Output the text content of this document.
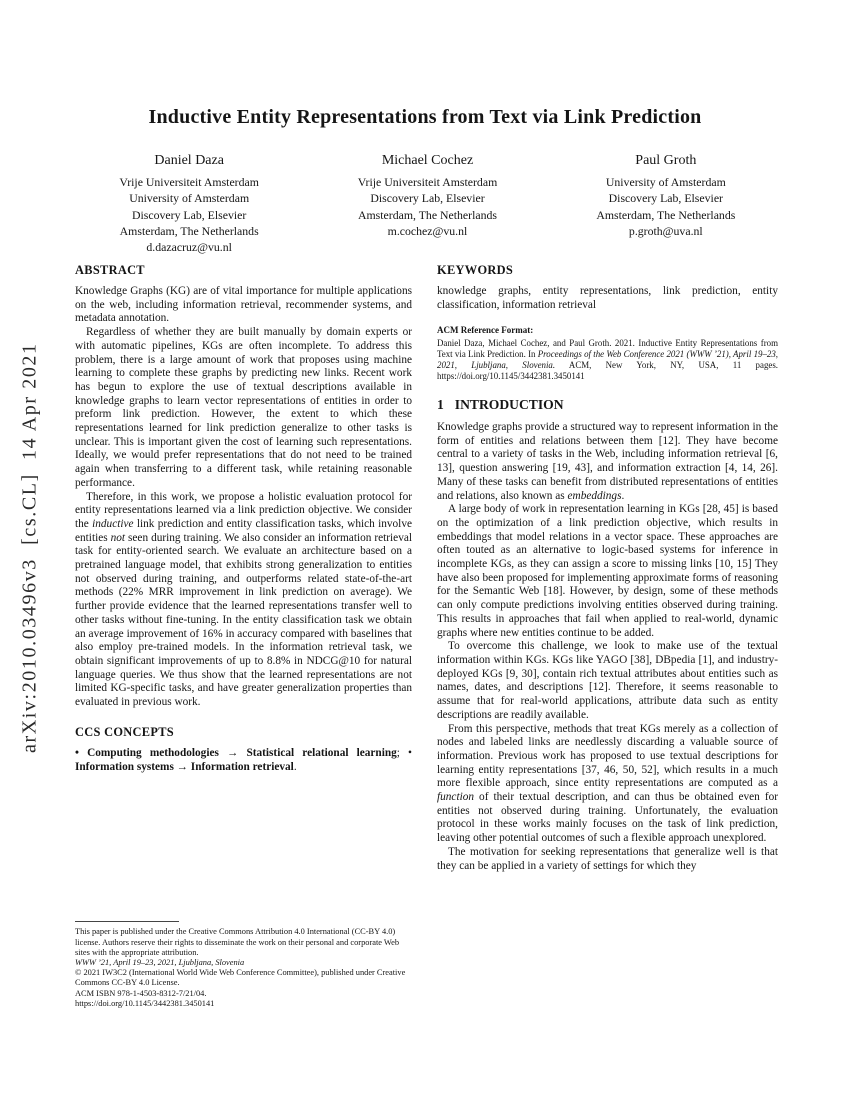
arXiv:2010.03496v3  [cs.CL]  14 Apr 2021
Inductive Entity Representations from Text via Link Prediction
Daniel Daza
Vrije Universiteit Amsterdam
University of Amsterdam
Discovery Lab, Elsevier
Amsterdam, The Netherlands
d.dazacruz@vu.nl
Michael Cochez
Vrije Universiteit Amsterdam
Discovery Lab, Elsevier
Amsterdam, The Netherlands
m.cochez@vu.nl
Paul Groth
University of Amsterdam
Discovery Lab, Elsevier
Amsterdam, The Netherlands
p.groth@uva.nl
ABSTRACT

Knowledge Graphs (KG) are of vital importance for multiple applications on the web, including information retrieval, recommender systems, and metadata annotation.

Regardless of whether they are built manually by domain experts or with automatic pipelines, KGs are often incomplete. To address this problem, there is a large amount of work that proposes using machine learning to complete these graphs by predicting new links. Recent work has begun to explore the use of textual descriptions available in knowledge graphs to learn vector representations of entities in order to preform link prediction. However, the extent to which these representations learned for link prediction generalize to other tasks is unclear. This is important given the cost of learning such representations. Ideally, we would prefer representations that do not need to be trained again when transferring to a different task, while retaining reasonable performance.

Therefore, in this work, we propose a holistic evaluation protocol for entity representations learned via a link prediction objective. We consider the inductive link prediction and entity classification tasks, which involve entities not seen during training. We also consider an information retrieval task for entity-oriented search. We evaluate an architecture based on a pretrained language model, that exhibits strong generalization to entities not observed during training, and outperforms related state-of-the-art methods (22% MRR improvement in link prediction on average). We further provide evidence that the learned representations transfer well to other tasks without fine-tuning. In the entity classification task we obtain an average improvement of 16% in accuracy compared with baselines that also employ pre-trained models. In the information retrieval task, we obtain significant improvements of up to 8.8% in NDCG@10 for natural language queries. We thus show that the learned representations are not limited KG-specific tasks, and have greater generalization properties than evaluated in previous work.

CCS CONCEPTS

• Computing methodologies → Statistical relational learning; • Information systems → Information retrieval.

This paper is published under the Creative Commons Attribution 4.0 International (CC-BY 4.0) license. Authors reserve their rights to disseminate the work on their personal and corporate Web sites with the appropriate attribution.

WWW ’21, April 19–23, 2021, Ljubljana, Slovenia

© 2021 IW3C2 (International World Wide Web Conference Committee), published under Creative Commons CC-BY 4.0 License.

ACM ISBN 978-1-4503-8312-7/21/04.

https://doi.org/10.1145/3442381.3450141

KEYWORDS

knowledge graphs, entity representations, link prediction, entity classification, information retrieval

ACM Reference Format:

Daniel Daza, Michael Cochez, and Paul Groth. 2021. Inductive Entity Representations from Text via Link Prediction. In Proceedings of the Web Conference 2021 (WWW ’21), April 19–23, 2021, Ljubljana, Slovenia. ACM, New York, NY, USA, 11 pages. https://doi.org/10.1145/3442381.3450141

1 INTRODUCTION

Knowledge graphs provide a structured way to represent information in the form of entities and relations between them [12]. They have become central to a variety of tasks in the Web, including information retrieval [6, 13], question answering [19, 43], and information extraction [4, 14, 26]. Many of these tasks can benefit from distributed representations of entities and relations, also known as embeddings.

A large body of work in representation learning in KGs [28, 45] is based on the optimization of a link prediction objective, which results in embeddings that model relations in a vector space. These approaches are often touted as an alternative to logic-based systems for inference in incomplete KGs, as they can assign a score to missing links [10, 15] They have also been proposed for implementing approximate forms of reasoning for the Semantic Web [18]. However, by design, some of these methods can only compute predictions involving entities observed during training. This results in approaches that fail when applied to real-world, dynamic graphs where new entities continue to be added.

To overcome this challenge, we look to make use of the textual information within KGs. KGs like YAGO [38], DBpedia [1], and industry-deployed KGs [9, 30], contain rich textual attributes about entities such as names, dates, and descriptions [12]. Therefore, it seems reasonable to assume that for real-world applications, attribute data such as entity descriptions are readily available.

From this perspective, methods that treat KGs merely as a collection of nodes and labeled links are needlessly discarding a valuable source of information. Previous work has proposed to use textual descriptions for learning entity representations [37, 46, 50, 52], which results in a much more flexible approach, since entity representations are computed as a function of their textual description, and can thus be obtained even for entities not observed during training. Unfortunately, the evaluation protocol in these works mainly focuses on the task of link prediction, leaving other potential outcomes of such a flexible approach unexplored.

The motivation for seeking representations that generalize well is that they can be applied in a variety of settings for which they
